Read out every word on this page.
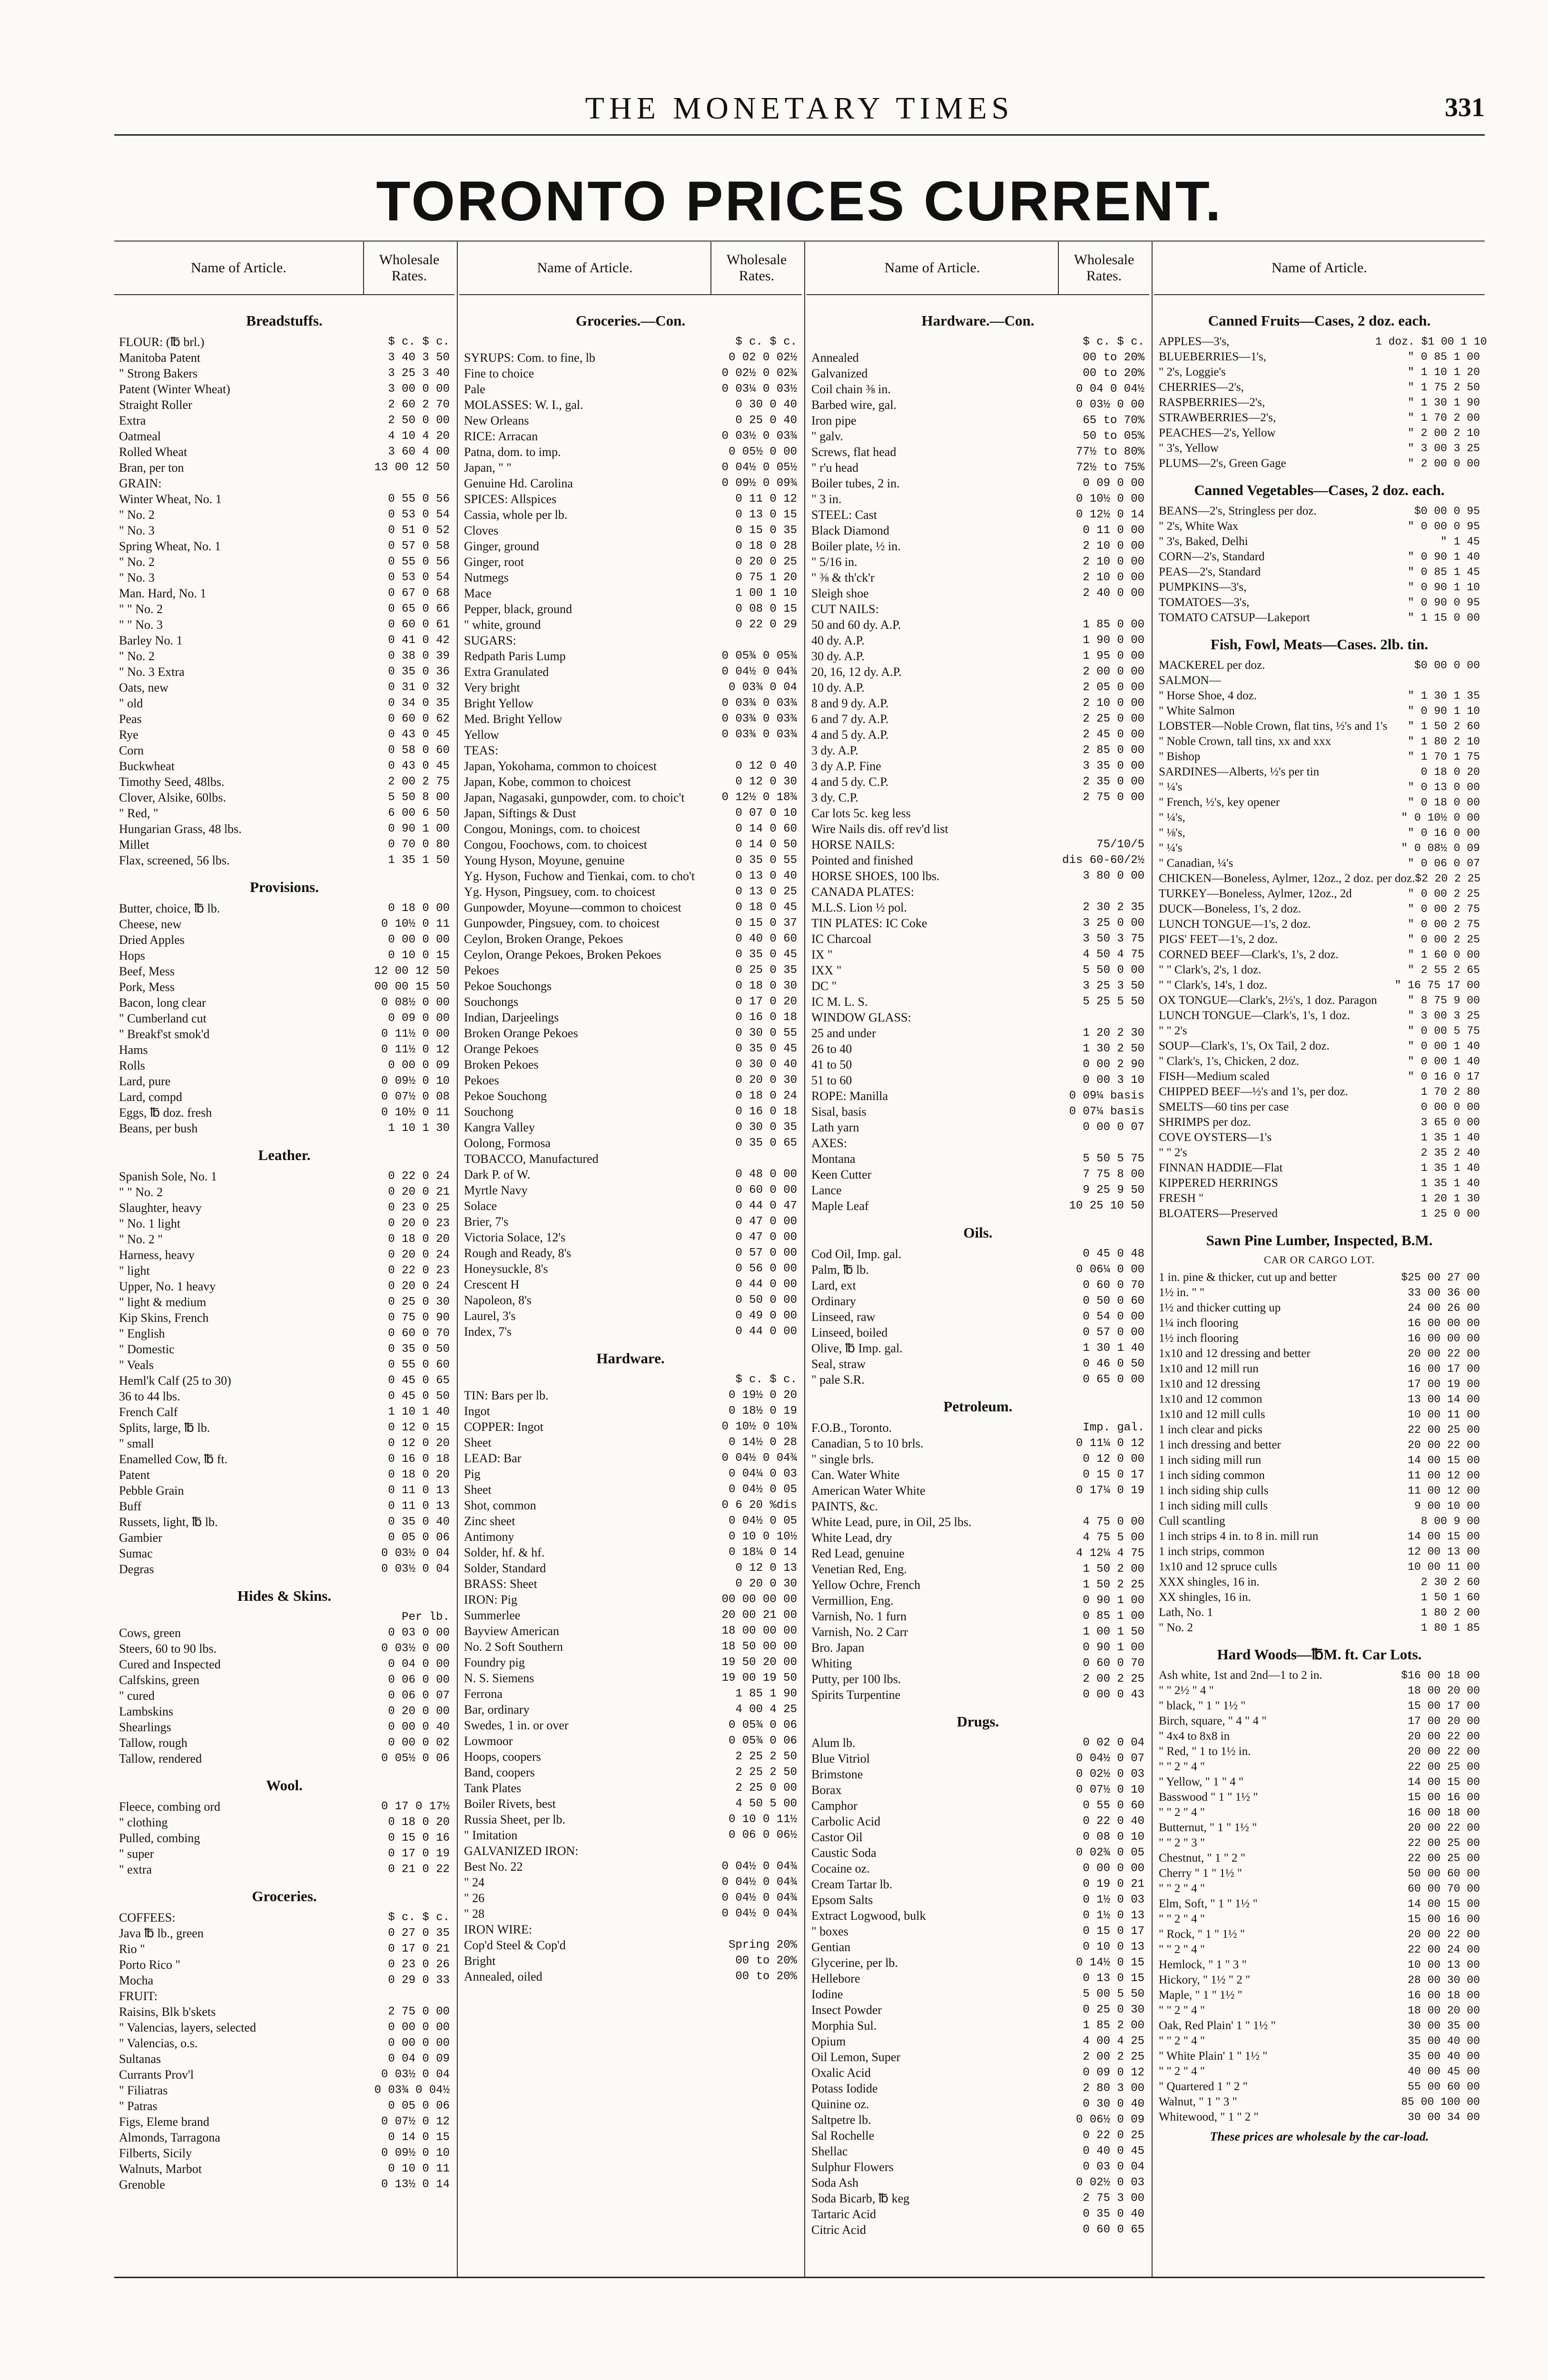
THE MONETARY TIMES	331
TORONTO PRICES CURRENT.
Name of Article.
Wholesale Rates.
Breadstuffs.
FLOUR: (℔ brl.)	$ c. $ c.
Manitoba Patent	3 40 3 50
" Strong Bakers	3 25 3 40
Patent (Winter Wheat)	3 00 0 00
Straight Roller	2 60 2 70
Extra	2 50 0 00
Oatmeal	4 10 4 20
Rolled Wheat	3 60 4 00
Bran, per ton	13 00 12 50
GRAIN:
Winter Wheat, No. 1	0 55 0 56
" No. 2	0 53 0 54
" No. 3	0 51 0 52
Spring Wheat, No. 1	0 57 0 58
" No. 2	0 55 0 56
" No. 3	0 53 0 54
Man. Hard, No. 1	0 67 0 68
" " No. 2	0 65 0 66
" " No. 3	0 60 0 61
Barley No. 1	0 41 0 42
" No. 2	0 38 0 39
" No. 3 Extra	0 35 0 36
Oats, new	0 31 0 32
" old	0 34 0 35
Peas	0 60 0 62
Rye	0 43 0 45
Corn	0 58 0 60
Buckwheat	0 43 0 45
Timothy Seed, 48lbs.	2 00 2 75
Clover, Alsike, 60lbs.	5 50 8 00
" Red, "	6 00 6 50
Hungarian Grass, 48 lbs.	0 90 1 00
Millet	0 70 0 80
Flax, screened, 56 lbs.	1 35 1 50
Provisions.
Butter, choice, ℔ lb.	0 18 0 00
Cheese, new	0 10½ 0 11
Dried Apples	0 00 0 00
Hops	0 10 0 15
Beef, Mess	12 00 12 50
Pork, Mess	00 00 15 50
Bacon, long clear	0 08½ 0 00
" Cumberland cut	0 09 0 00
" Breakf'st smok'd	0 11½ 0 00
Hams	0 11½ 0 12
Rolls	0 00 0 09
Lard, pure	0 09½ 0 10
Lard, compd	0 07½ 0 08
Eggs, ℔ doz. fresh	0 10½ 0 11
Beans, per bush	1 10 1 30
Leather.
Spanish Sole, No. 1	0 22 0 24
" " No. 2	0 20 0 21
Slaughter, heavy	0 23 0 25
" No. 1 light	0 20 0 23
" No. 2 "	0 18 0 20
Harness, heavy	0 20 0 24
" light	0 22 0 23
Upper, No. 1 heavy	0 20 0 24
" light & medium	0 25 0 30
Kip Skins, French	0 75 0 90
" English	0 60 0 70
" Domestic	0 35 0 50
" Veals	0 55 0 60
Heml'k Calf (25 to 30)	0 45 0 65
36 to 44 lbs.	0 45 0 50
French Calf	1 10 1 40
Splits, large, ℔ lb.	0 12 0 15
" small	0 12 0 20
Enamelled Cow, ℔ ft.	0 16 0 18
Patent	0 18 0 20
Pebble Grain	0 11 0 13
Buff	0 11 0 13
Russets, light, ℔ lb.	0 35 0 40
Gambier	0 05 0 06
Sumac	0 03½ 0 04
Degras	0 03½ 0 04
Hides & Skins.
Per lb.
Cows, green	0 03 0 00
Steers, 60 to 90 lbs.	0 03½ 0 00
Cured and Inspected	0 04 0 00
Calfskins, green	0 06 0 00
" cured	0 06 0 07
Lambskins	0 20 0 00
Shearlings	0 00 0 40
Tallow, rough	0 00 0 02
Tallow, rendered	0 05½ 0 06
Wool.
Fleece, combing ord	0 17 0 17½
" clothing	0 18 0 20
Pulled, combing	0 15 0 16
" super	0 17 0 19
" extra	0 21 0 22
Groceries.
COFFEES:	$ c. $ c.
Java ℔ lb., green	0 27 0 35
Rio "	0 17 0 21
Porto Rico "	0 23 0 26
Mocha	0 29 0 33
FRUIT:
Raisins, Blk b'skets	2 75 0 00
" Valencias, layers, selected	0 00 0 00
" Valencias, o.s.	0 00 0 00
Sultanas	0 04 0 09
Currants Prov'l	0 03½ 0 04
" Filiatras	0 03¾ 0 04½
" Patras	0 05 0 06
Figs, Eleme brand	0 07½ 0 12
Almonds, Tarragona	0 14 0 15
Filberts, Sicily	0 09½ 0 10
Walnuts, Marbot	0 10 0 11
Grenoble	0 13½ 0 14
Name of Article.
Wholesale Rates.
Groceries.—Con.
$ c. $ c.
SYRUPS: Com. to fine, lb	0 02 0 02½
Fine to choice	0 02½ 0 02¾
Pale	0 03¼ 0 03½
MOLASSES: W. I., gal.	0 30 0 40
New Orleans	0 25 0 40
RICE: Arracan	0 03½ 0 03¾
Patna, dom. to imp.	0 05½ 0 00
Japan, " "	0 04½ 0 05½
Genuine Hd. Carolina	0 09½ 0 09¾
SPICES: Allspices	0 11 0 12
Cassia, whole per lb.	0 13 0 15
Cloves	0 15 0 35
Ginger, ground	0 18 0 28
Ginger, root	0 20 0 25
Nutmegs	0 75 1 20
Mace	1 00 1 10
Pepper, black, ground	0 08 0 15
" white, ground	0 22 0 29
SUGARS:
Redpath Paris Lump	0 05¾ 0 05¾
Extra Granulated	0 04½ 0 04¾
Very bright	0 03¾ 0 04
Bright Yellow	0 03¾ 0 03¾
Med. Bright Yellow	0 03¾ 0 03¾
Yellow	0 03¾ 0 03¾
TEAS:
Japan, Yokohama, common to choicest	0 12 0 40
Japan, Kobe, common to choicest	0 12 0 30
Japan, Nagasaki, gunpowder, com. to choic't	0 12½ 0 18¾
Japan, Siftings & Dust	0 07 0 10
Congou, Monings, com. to choicest	0 14 0 60
Congou, Foochows, com. to choicest	0 14 0 50
Young Hyson, Moyune, genuine	0 35 0 55
Yg. Hyson, Fuchow and Tienkai, com. to cho't	0 13 0 40
Yg. Hyson, Pingsuey, com. to choicest	0 13 0 25
Gunpowder, Moyune—common to choicest	0 18 0 45
Gunpowder, Pingsuey, com. to choicest	0 15 0 37
Ceylon, Broken Orange, Pekoes	0 40 0 60
Ceylon, Orange Pekoes, Broken Pekoes	0 35 0 45
Pekoes	0 25 0 35
Pekoe Souchongs	0 18 0 30
Souchongs	0 17 0 20
Indian, Darjeelings	0 16 0 18
Broken Orange Pekoes	0 30 0 55
Orange Pekoes	0 35 0 45
Broken Pekoes	0 30 0 40
Pekoes	0 20 0 30
Pekoe Souchong	0 18 0 24
Souchong	0 16 0 18
Kangra Valley	0 30 0 35
Oolong, Formosa	0 35 0 65
TOBACCO, Manufactured
Dark P. of W.	0 48 0 00
Myrtle Navy	0 60 0 00
Solace	0 44 0 47
Brier, 7's	0 47 0 00
Victoria Solace, 12's	0 47 0 00
Rough and Ready, 8's	0 57 0 00
Honeysuckle, 8's	0 56 0 00
Crescent H	0 44 0 00
Napoleon, 8's	0 50 0 00
Laurel, 3's	0 49 0 00
Index, 7's	0 44 0 00
Hardware.
$ c. $ c.
TIN: Bars per lb.	0 19½ 0 20
Ingot	0 18½ 0 19
COPPER: Ingot	0 10½ 0 10¾
Sheet	0 14½ 0 28
LEAD: Bar	0 04½ 0 04¾
Pig	0 04¼ 0 03
Sheet	0 04½ 0 05
Shot, common	0 6 20 %dis
Zinc sheet	0 04½ 0 05
Antimony	0 10 0 10½
Solder, hf. & hf.	0 18¼ 0 14
Solder, Standard	0 12 0 13
BRASS: Sheet	0 20 0 30
IRON: Pig	00 00 00 00
Summerlee	20 00 21 00
Bayview American	18 00 00 00
No. 2 Soft Southern	18 50 00 00
Foundry pig	19 50 20 00
N. S. Siemens	19 00 19 50
Ferrona	1 85 1 90
Bar, ordinary	4 00 4 25
Swedes, 1 in. or over	0 05¾ 0 06
Lowmoor	0 05¾ 0 06
Hoops, coopers	2 25 2 50
Band, coopers	2 25 2 50
Tank Plates	2 25 0 00
Boiler Rivets, best	4 50 5 00
Russia Sheet, per lb.	0 10 0 11½
" Imitation	0 06 0 06½
GALVANIZED IRON:
Best No. 22	0 04½ 0 04¾
" 24	0 04½ 0 04¾
" 26	0 04½ 0 04¾
" 28	0 04½ 0 04¾
IRON WIRE:
Cop'd Steel & Cop'd	Spring 20%
Bright	00 to 20%
Annealed, oiled	00 to 20%
Name of Article.
Wholesale Rates.
Hardware.—Con.
$ c. $ c.
Annealed	00 to 20%
Galvanized	00 to 20%
Coil chain ⅜ in.	0 04 0 04½
Barbed wire, gal.	0 03½ 0 00
Iron pipe	65 to 70%
" galv.	50 to 05%
Screws, flat head	77½ to 80%
" r'u head	72½ to 75%
Boiler tubes, 2 in.	0 09 0 00
" 3 in.	0 10½ 0 00
STEEL: Cast	0 12½ 0 14
Black Diamond	0 11 0 00
Boiler plate, ½ in.	2 10 0 00
" 5/16 in.	2 10 0 00
" ⅜ & th'ck'r	2 10 0 00
Sleigh shoe	2 40 0 00
CUT NAILS:
50 and 60 dy. A.P.	1 85 0 00
40 dy. A.P.	1 90 0 00
30 dy. A.P.	1 95 0 00
20, 16, 12 dy. A.P.	2 00 0 00
10 dy. A.P.	2 05 0 00
8 and 9 dy. A.P.	2 10 0 00
6 and 7 dy. A.P.	2 25 0 00
4 and 5 dy. A.P.	2 45 0 00
3 dy. A.P.	2 85 0 00
3 dy A.P. Fine	3 35 0 00
4 and 5 dy. C.P.	2 35 0 00
3 dy. C.P.	2 75 0 00
Car lots 5c. keg less
Wire Nails dis. off rev'd list
HORSE NAILS:	75/10/5
Pointed and finished	dis 60-60/2½
HORSE SHOES, 100 lbs.	3 80 0 00
CANADA PLATES:
M.L.S. Lion ½ pol.	2 30 2 35
TIN PLATES: IC Coke	3 25 0 00
IC Charcoal	3 50 3 75
IX "	4 50 4 75
IXX "	5 50 0 00
DC "	3 25 3 50
IC M. L. S.	5 25 5 50
WINDOW GLASS:
25 and under	1 20 2 30
26 to 40	1 30 2 50
41 to 50	0 00 2 90
51 to 60	0 00 3 10
ROPE: Manilla	0 09¼ basis
Sisal, basis	0 07¼ basis
Lath yarn	0 00 0 07
AXES:
Montana	5 50 5 75
Keen Cutter	7 75 8 00
Lance	9 25 9 50
Maple Leaf	10 25 10 50
Oils.
Cod Oil, Imp. gal.	0 45 0 48
Palm, ℔ lb.	0 06¼ 0 00
Lard, ext	0 60 0 70
Ordinary	0 50 0 60
Linseed, raw	0 54 0 00
Linseed, boiled	0 57 0 00
Olive, ℔ Imp. gal.	1 30 1 40
Seal, straw	0 46 0 50
" pale S.R.	0 65 0 00
Petroleum.
F.O.B., Toronto.	Imp. gal.
Canadian, 5 to 10 brls.	0 11¼ 0 12
" single brls.	0 12 0 00
Can. Water White	0 15 0 17
American Water White	0 17¼ 0 19
PAINTS, &c.
White Lead, pure, in Oil, 25 lbs.	4 75 0 00
White Lead, dry	4 75 5 00
Red Lead, genuine	4 12¼ 4 75
Venetian Red, Eng.	1 50 2 00
Yellow Ochre, French	1 50 2 25
Vermillion, Eng.	0 90 1 00
Varnish, No. 1 furn	0 85 1 00
Varnish, No. 2 Carr	1 00 1 50
Bro. Japan	0 90 1 00
Whiting	0 60 0 70
Putty, per 100 lbs.	2 00 2 25
Spirits Turpentine	0 00 0 43
Drugs.
Alum lb.	0 02 0 04
Blue Vitriol	0 04½ 0 07
Brimstone	0 02½ 0 03
Borax	0 07½ 0 10
Camphor	0 55 0 60
Carbolic Acid	0 22 0 40
Castor Oil	0 08 0 10
Caustic Soda	0 02¾ 0 05
Cocaine oz.	0 00 0 00
Cream Tartar lb.	0 19 0 21
Epsom Salts	0 1½ 0 03
Extract Logwood, bulk	0 1½ 0 13
" boxes	0 15 0 17
Gentian	0 10 0 13
Glycerine, per lb.	0 14½ 0 15
Hellebore	0 13 0 15
Iodine	5 00 5 50
Insect Powder	0 25 0 30
Morphia Sul.	1 85 2 00
Opium	4 00 4 25
Oil Lemon, Super	2 00 2 25
Oxalic Acid	0 09 0 12
Potass Iodide	2 80 3 00
Quinine oz.	0 30 0 40
Saltpetre lb.	0 06½ 0 09
Sal Rochelle	0 22 0 25
Shellac	0 40 0 45
Sulphur Flowers	0 03 0 04
Soda Ash	0 02½ 0 03
Soda Bicarb, ℔ keg	2 75 3 00
Tartaric Acid	0 35 0 40
Citric Acid	0 60 0 65
Name of Article.
Canned Fruits—Cases, 2 doz. each.
APPLES—3's,	1 doz. $1 00 1 10
BLUEBERRIES—1's,	" 0 85 1 00
" 2's, Loggie's	" 1 10 1 20
CHERRIES—2's,	" 1 75 2 50
RASPBERRIES—2's,	" 1 30 1 90
STRAWBERRIES—2's,	" 1 70 2 00
PEACHES—2's, Yellow	" 2 00 2 10
" 3's, Yellow	" 3 00 3 25
PLUMS—2's, Green Gage	" 2 00 0 00
Canned Vegetables—Cases, 2 doz. each.
BEANS—2's, Stringless per doz.	$0 00 0 95
" 2's, White Wax	" 0 00 0 95
" 3's, Baked, Delhi	" 1 45
CORN—2's, Standard	" 0 90 1 40
PEAS—2's, Standard	" 0 85 1 45
PUMPKINS—3's,	" 0 90 1 10
TOMATOES—3's,	" 0 90 0 95
TOMATO CATSUP—Lakeport	" 1 15 0 00
Fish, Fowl, Meats—Cases. 2lb. tin.
MACKEREL per doz.	$0 00 0 00
SALMON—
" Horse Shoe, 4 doz.	" 1 30 1 35
" White Salmon	" 0 90 1 10
LOBSTER—Noble Crown, flat tins, ½'s and 1's	" 1 50 2 60
" Noble Crown, tall tins, xx and xxx	" 1 80 2 10
" Bishop	" 1 70 1 75
SARDINES—Alberts, ½'s per tin	0 18 0 20
" ¼'s	" 0 13 0 00
" French, ½'s, key opener	" 0 18 0 00
" ¼'s,	" 0 10½ 0 00
" ⅛'s,	" 0 16 0 00
" ¼'s	" 0 08½ 0 09
" Canadian, ¼'s	" 0 06 0 07
CHICKEN—Boneless, Aylmer, 12oz., 2 doz. per doz. $2 20 2 25
TURKEY—Boneless, Aylmer, 12oz., 2d	" 0 00 2 25
DUCK—Boneless, 1's, 2 doz.	" 0 00 2 75
LUNCH TONGUE—1's, 2 doz.	" 0 00 2 75
PIGS' FEET—1's, 2 doz.	" 0 00 2 25
CORNED BEEF—Clark's, 1's, 2 doz.	" 1 60 0 00
" " Clark's, 2's, 1 doz.	" 2 55 2 65
" " Clark's, 14's, 1 doz.	" 16 75 17 00
OX TONGUE—Clark's, 2½'s, 1 doz. Paragon	" 8 75 9 00
LUNCH TONGUE—Clark's, 1's, 1 doz.	" 3 00 3 25
" " 2's	" 0 00 5 75
SOUP—Clark's, 1's, Ox Tail, 2 doz.	" 0 00 1 40
" Clark's, 1's, Chicken, 2 doz.	" 0 00 1 40
FISH—Medium scaled	" 0 16 0 17
CHIPPED BEEF—½'s and 1's, per doz.	1 70 2 80
SMELTS—60 tins per case	0 00 0 00
SHRIMPS per doz.	3 65 0 00
COVE OYSTERS—1's	1 35 1 40
" " 2's	2 35 2 40
FINNAN HADDIE—Flat	1 35 1 40
KIPPERED HERRINGS	1 35 1 40
FRESH "	1 20 1 30
BLOATERS—Preserved	1 25 0 00
Sawn Pine Lumber, Inspected, B.M.
CAR OR CARGO LOT.
1 in. pine & thicker, cut up and better	$25 00 27 00
1½ in. " "	33 00 36 00
1½ and thicker cutting up	24 00 26 00
1¼ inch flooring	16 00 00 00
1½ inch flooring	16 00 00 00
1x10 and 12 dressing and better	20 00 22 00
1x10 and 12 mill run	16 00 17 00
1x10 and 12 dressing	17 00 19 00
1x10 and 12 common	13 00 14 00
1x10 and 12 mill culls	10 00 11 00
1 inch clear and picks	22 00 25 00
1 inch dressing and better	20 00 22 00
1 inch siding mill run	14 00 15 00
1 inch siding common	11 00 12 00
1 inch siding ship culls	11 00 12 00
1 inch siding mill culls	9 00 10 00
Cull scantling	8 00 9 00
1 inch strips 4 in. to 8 in. mill run	14 00 15 00
1 inch strips, common	12 00 13 00
1x10 and 12 spruce culls	10 00 11 00
XXX shingles, 16 in.	2 30 2 60
XX shingles, 16 in.	1 50 1 60
Lath, No. 1	1 80 2 00
" No. 2	1 80 1 85
Hard Woods—℔M. ft. Car Lots.
Ash white, 1st and 2nd—1 to 2 in.	$16 00 18 00
" " 2½ " 4 "	18 00 20 00
" black, " 1 " 1½ "	15 00 17 00
Birch, square, " 4 " 4 "	17 00 20 00
" 4x4 to 8x8 in	20 00 22 00
" Red, " 1 to 1½ in.	20 00 22 00
" " 2 " 4 "	22 00 25 00
" Yellow, " 1 " 4 "	14 00 15 00
Basswood " 1 " 1½ "	15 00 16 00
" " 2 " 4 "	16 00 18 00
Butternut, " 1 " 1½ "	20 00 22 00
" " 2 " 3 "	22 00 25 00
Chestnut, " 1 " 2 "	22 00 25 00
Cherry " 1 " 1½ "	50 00 60 00
" " 2 " 4 "	60 00 70 00
Elm, Soft, " 1 " 1½ "	14 00 15 00
" " 2 " 4 "	15 00 16 00
" Rock, " 1 " 1½ "	20 00 22 00
" " 2 " 4 "	22 00 24 00
Hemlock, " 1 " 3 "	10 00 13 00
Hickory, " 1½ " 2 "	28 00 30 00
Maple, " 1 " 1½ "	16 00 18 00
" " 2 " 4 "	18 00 20 00
Oak, Red Plain' 1 " 1½ "	30 00 35 00
" " 2 " 4 "	35 00 40 00
" White Plain' 1 " 1½ "	35 00 40 00
" " 2 " 4 "	40 00 45 00
" Quartered 1 " 2 "	55 00 60 00
Walnut, " 1 " 3 "	85 00 100 00
Whitewood, " 1 " 2 "	30 00 34 00
These prices are wholesale by the car-load.
